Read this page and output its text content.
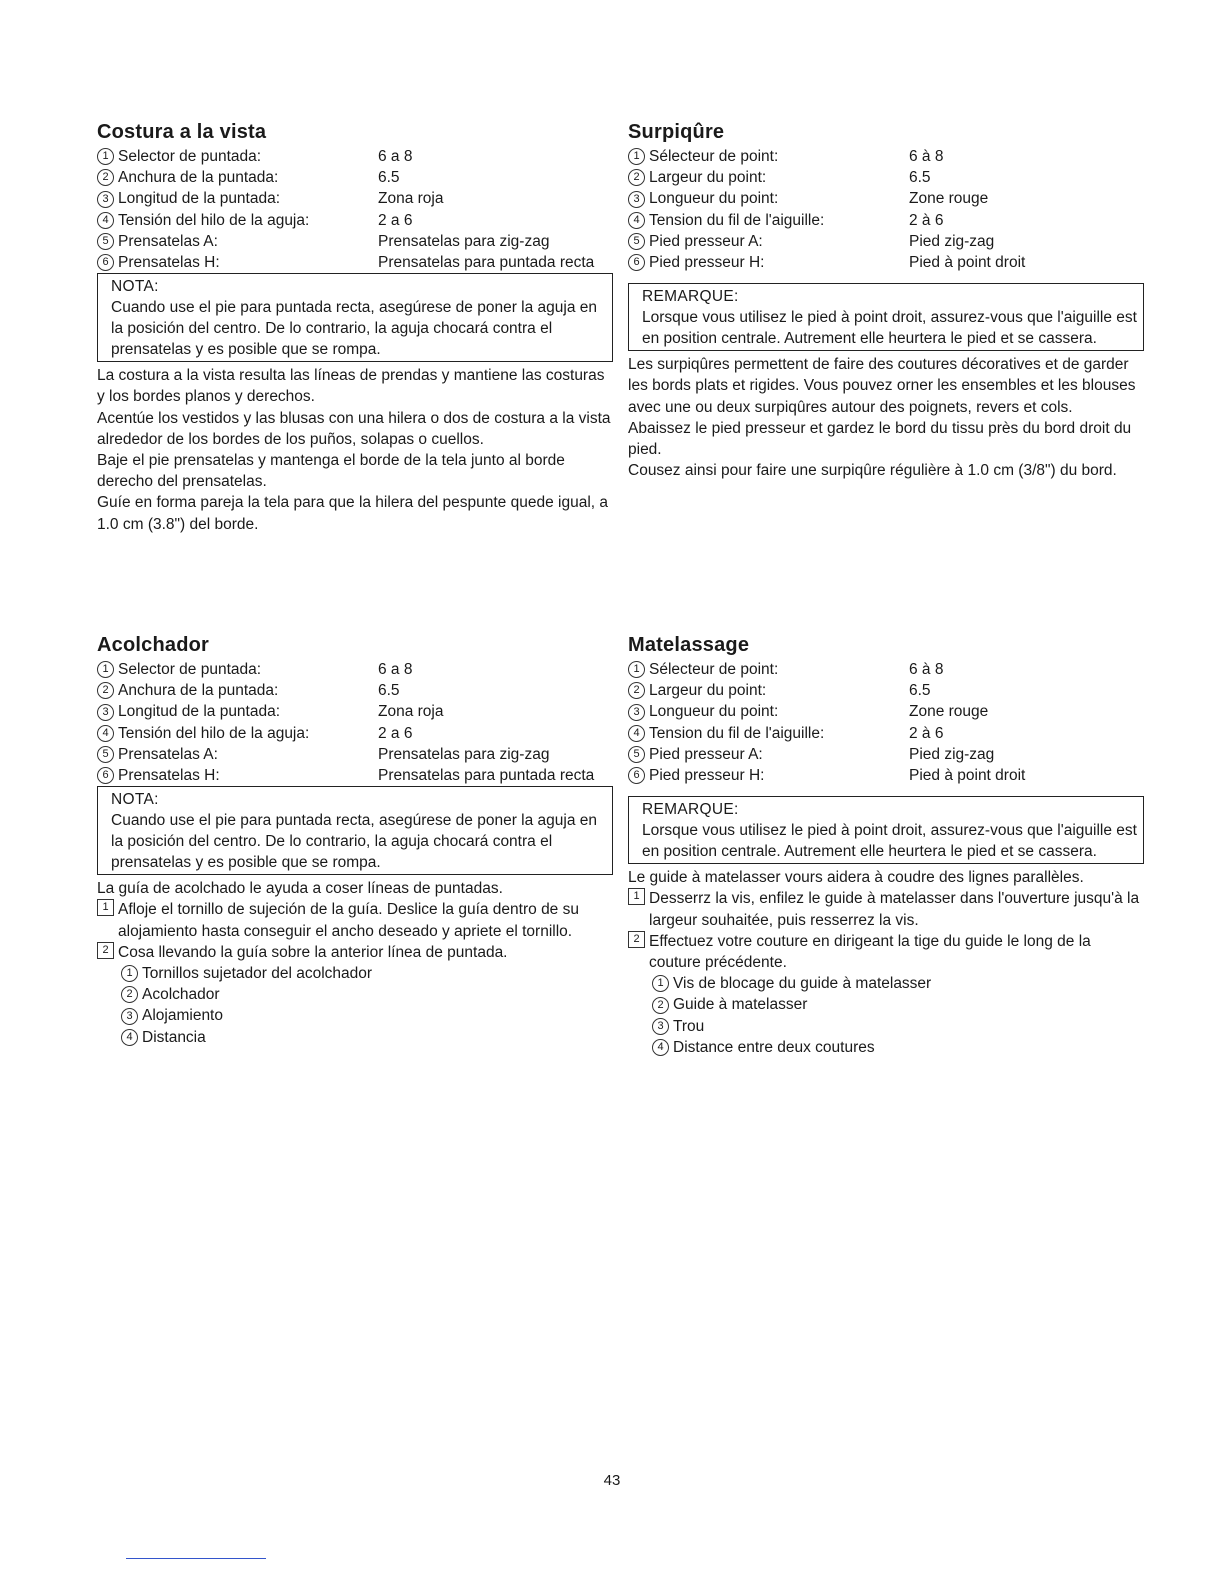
Costura a la vista
1 Selector de puntada:	6 a 8
2 Anchura de la puntada:	6.5
3 Longitud de la puntada:	Zona roja
4 Tensión del hilo de la aguja:	2 a 6
5 Prensatelas A:	Prensatelas para zig-zag
6 Prensatelas H:	Prensatelas para puntada recta
NOTA:
Cuando use el pie para puntada recta, asegúrese de poner la aguja en la posición del centro. De lo contrario, la aguja chocará contra el prensatelas y es posible que se rompa.

La costura a la vista resulta las líneas de prendas y mantiene las costuras y los bordes planos y derechos.

Acentúe los vestidos y las blusas con una hilera o dos de costura a la vista alrededor de los bordes de los puños, solapas o cuellos.

Baje el pie prensatelas y mantenga el borde de la tela junto al borde derecho del prensatelas.

Guíe en forma pareja la tela para que la hilera del pespunte quede igual, a 1.0 cm (3.8") del borde.

Surpiqûre
1 Sélecteur de point:	6 à 8
2 Largeur du point:	6.5
3 Longueur du point:	Zone rouge
4 Tension du fil de l'aiguille:	2 à 6
5 Pied presseur A:	Pied zig-zag
6 Pied presseur H:	Pied à point droit
REMARQUE:
Lorsque vous utilisez le pied à point droit, assurez-vous que l'aiguille est en position centrale. Autrement elle heurtera le pied et se cassera.

Les surpiqûres permettent de faire des coutures décoratives et de garder les bords plats et rigides. Vous pouvez orner les ensembles et les blouses avec une ou deux surpiqûres autour des poignets, revers et cols.

Abaissez le pied presseur et gardez le bord du tissu près du bord droit du pied.

Cousez ainsi pour faire une surpiqûre régulière à 1.0 cm (3/8") du bord.

Acolchador
1 Selector de puntada:	6 a 8
2 Anchura de la puntada:	6.5
3 Longitud de la puntada:	Zona roja
4 Tensión del hilo de la aguja:	2 a 6
5 Prensatelas A:	Prensatelas para zig-zag
6 Prensatelas H:	Prensatelas para puntada recta
NOTA:
Cuando use el pie para puntada recta, asegúrese de poner la aguja en la posición del centro. De lo contrario, la aguja chocará contra el prensatelas y es posible que se rompa.

La guía de acolchado le ayuda a coser líneas de puntadas.

1 Afloje el tornillo de sujeción de la guía. Deslice la guía dentro de su alojamiento hasta conseguir el ancho deseado y apriete el tornillo.
2 Cosa llevando la guía sobre la anterior línea de puntada.
1 Tornillos sujetador del acolchador
2 Acolchador
3 Alojamiento
4 Distancia
Matelassage
1 Sélecteur de point:	6 à 8
2 Largeur du point:	6.5
3 Longueur du point:	Zone rouge
4 Tension du fil de l'aiguille:	2 à 6
5 Pied presseur A:	Pied zig-zag
6 Pied presseur H:	Pied à point droit
REMARQUE:
Lorsque vous utilisez le pied à point droit, assurez-vous que l'aiguille est en position centrale. Autrement elle heurtera le pied et se cassera.

Le guide à matelasser vours aidera à coudre des lignes parallèles.

1 Desserrz la vis, enfilez le guide à matelasser dans l'ouverture jusqu'à la largeur souhaitée, puis resserrez la vis.
2 Effectuez votre couture en dirigeant la tige du guide le long de la couture précédente.
1 Vis de blocage du guide à matelasser
2 Guide à matelasser
3 Trou
4 Distance entre deux coutures
43
